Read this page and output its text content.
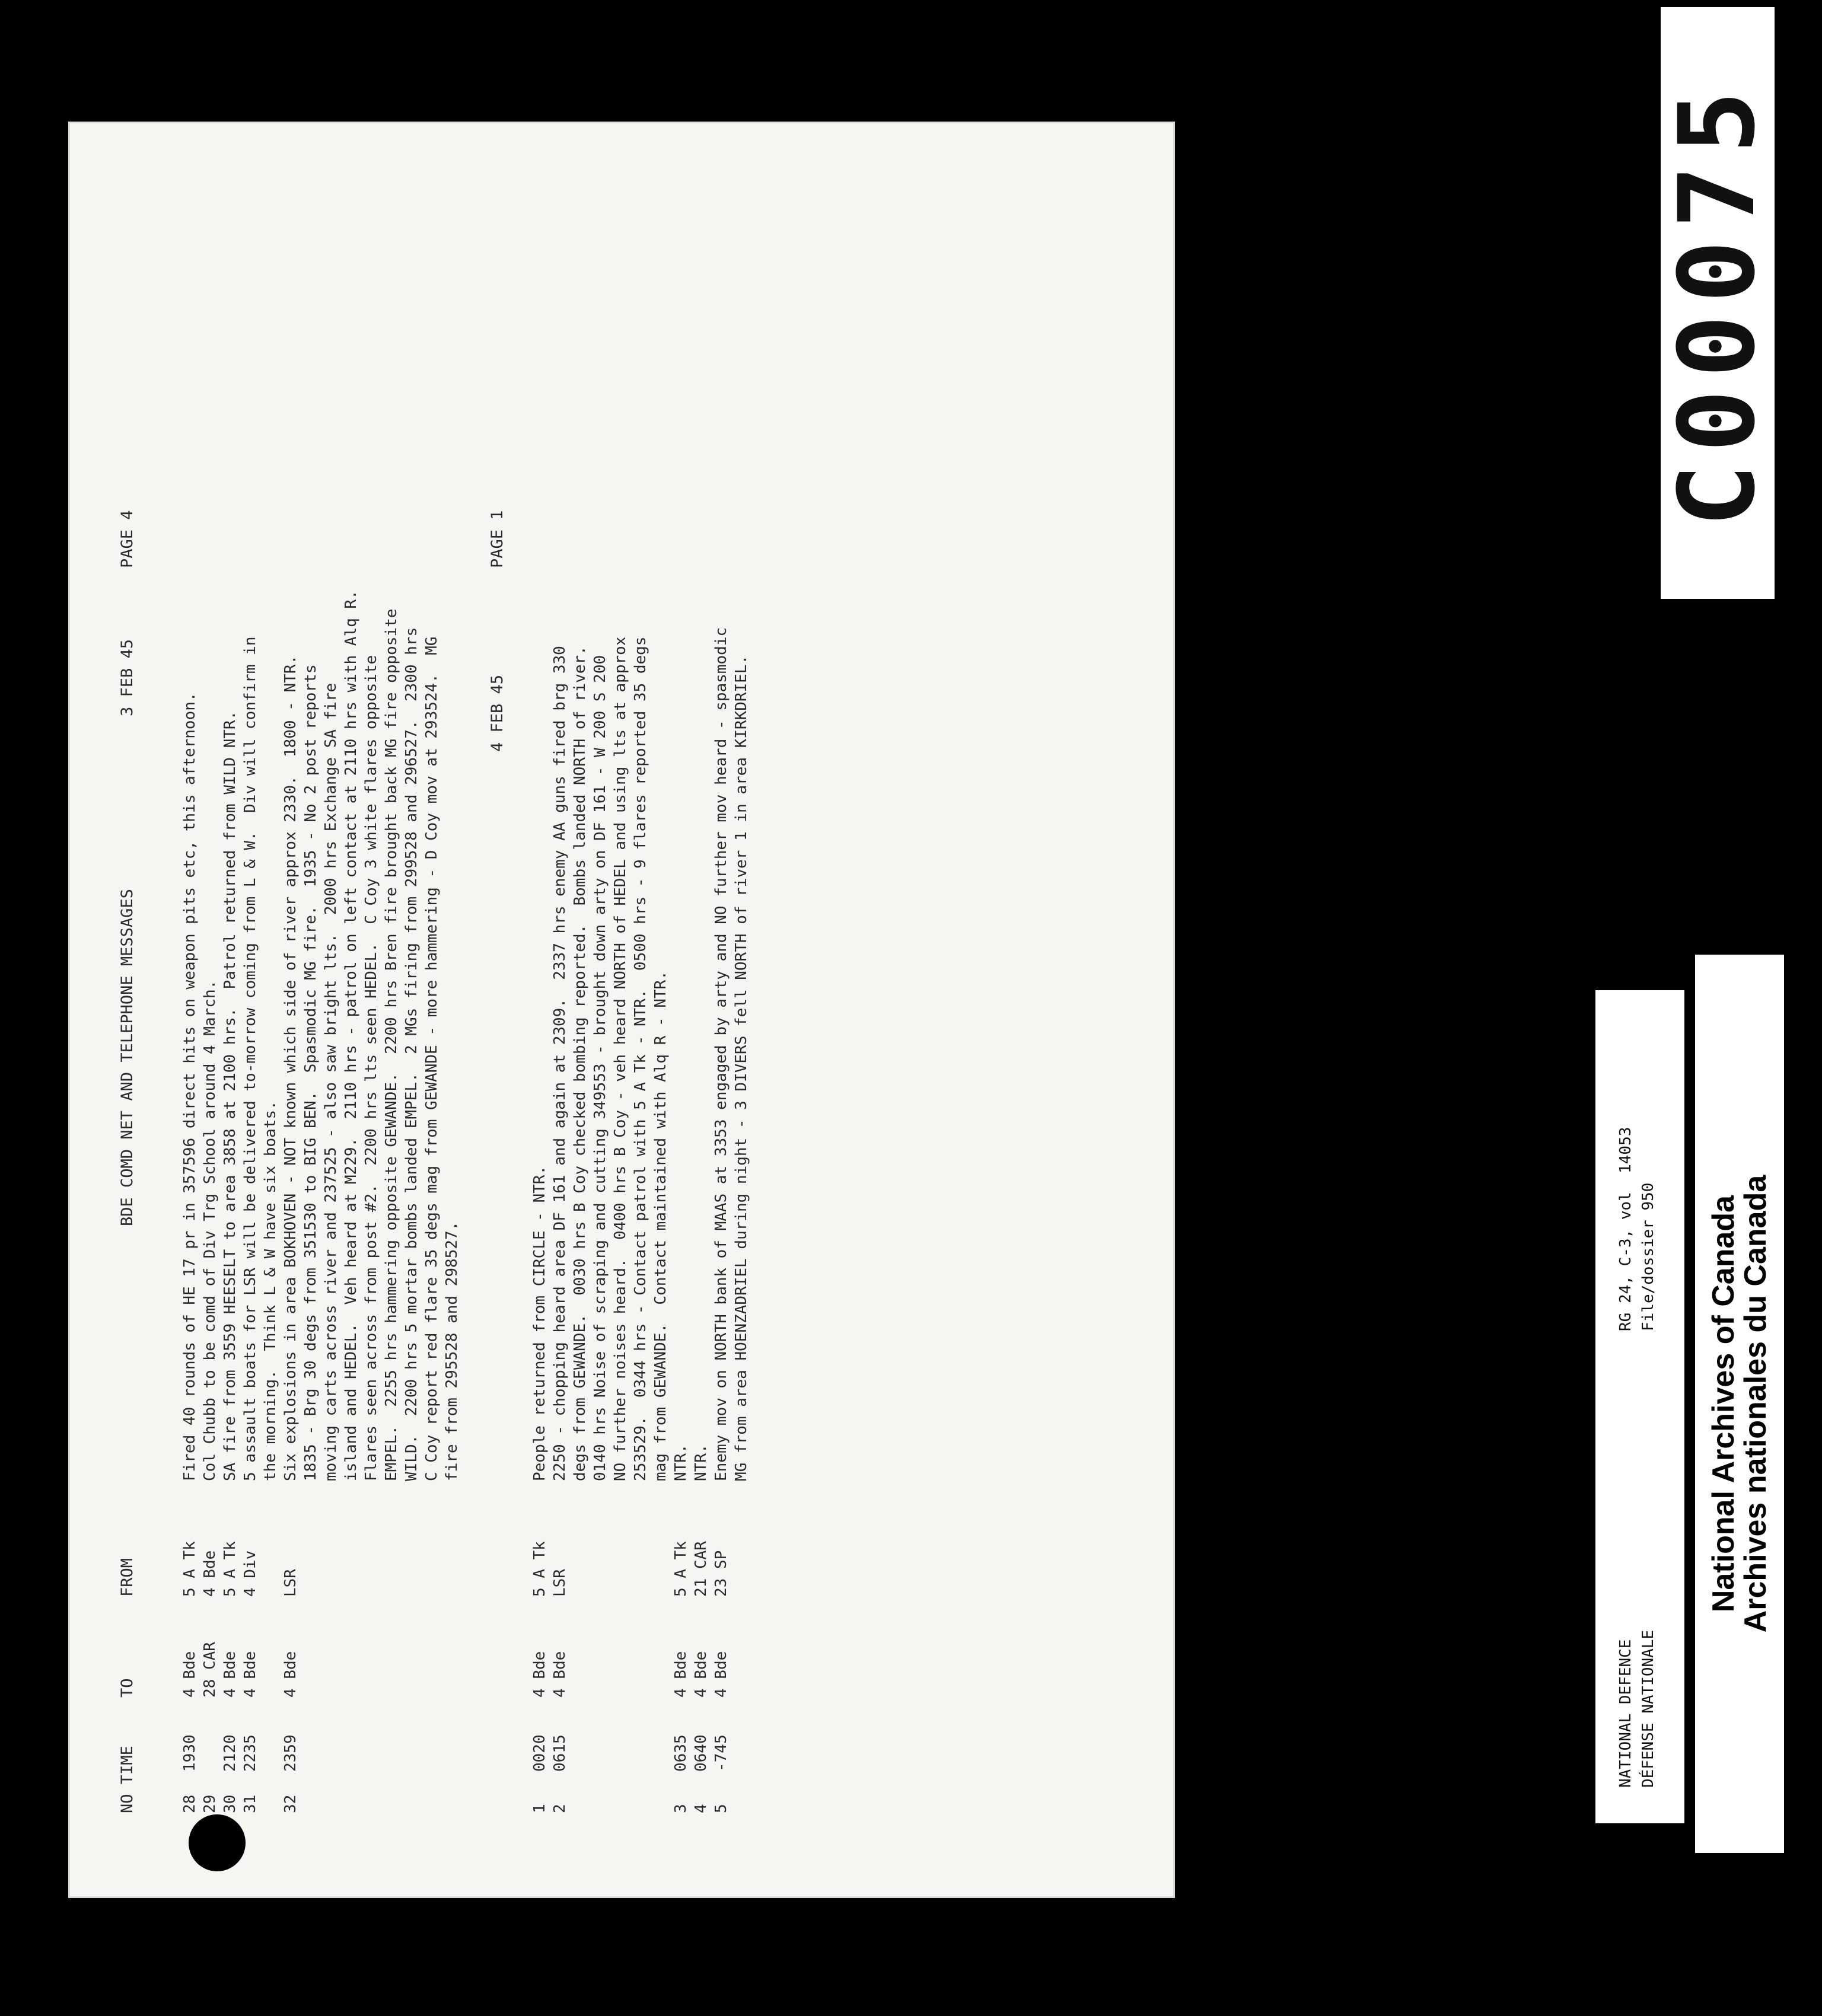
NO TIME
TO
FROM
BDE COMD NET AND TELEPHONE MESSAGES
3 FEB 45
PAGE 4
28
1930
4 Bde
5 A Tk
Fired 40 rounds of HE 17 pr in 357596 direct hits on weapon pits etc, this afternoon.
29
28 CAR
4 Bde
Col Chubb to be comd of Div Trg School around 4 March.
30
2120
4 Bde
5 A Tk
SA fire from 3559 HEESELT to area 3858 at 2100 hrs.  Patrol returned from WILD NTR.
31
2235
4 Bde
4 Div
5 assault boats for LSR will be delivered to-morrow coming from L & W.  Div will confirm in the morning.  Think L & W have six boats.
32
2359
4 Bde
LSR
Six explosions in area BOKHOVEN - NOT known which side of river approx 2330.  1800 - NTR. 1835 - Brg 30 degs from 351530 to BIG BEN.  Spasmodic MG fire.  1935 - No 2 post reports moving carts across river and 237525 - also saw bright lts.  2000 hrs Exchange SA fire island and HEDEL.  Veh heard at M229.  2110 hrs - patrol on left contact at 2110 hrs with Alq R. Flares seen across from post #2.  2200 hrs lts seen HEDEL.  C Coy 3 white flares opposite EMPEL.  2255 hrs hammering opposite GEWANDE.  2200 hrs Bren fire brought back MG fire opposite WILD.  2200 hrs 5 mortar bombs landed EMPEL.  2 MGs firing from 299528 and 296527.  2300 hrs C Coy report red flare 35 degs mag from GEWANDE - more hammering - D Coy mov at 293524.  MG fire from 295528 and 298527.
4 FEB 45
PAGE 1
1
0020
4 Bde
5 A Tk
People returned from CIRCLE - NTR.
2
0615
4 Bde
LSR
2250 - chopping heard area DF 161 and again at 2309.  2337 hrs enemy AA guns fired brg 330 degs from GEWANDE.  0030 hrs B Coy checked bombing reported.  Bombs landed NORTH of river. 0140 hrs Noise of scraping and cutting 349553 - brought down arty on DF 161 - W 200 S 200 NO further noises heard.  0400 hrs B Coy - veh heard NORTH of HEDEL and using lts at approx 253529.  0344 hrs - Contact patrol with 5 A Tk - NTR.  0500 hrs - 9 flares reported 35 degs mag from GEWANDE.  Contact maintained with Alq R - NTR.
3
0635
4 Bde
5 A Tk
NTR.
4
0640
4 Bde
21 CAR
NTR.
5
-745
4 Bde
23 SP
Enemy mov on NORTH bank of MAAS at 3353 engaged by arty and NO further mov heard - spasmodic MG from area HOENZADRIEL during night - 3 DIVERS fell NORTH of river 1 in area KIRKDRIEL.
C00075
NATIONAL DEFENCE DÉFENSE NATIONALE
RG 24, C-3, vol  14053 File/dossier 950 National Archives of Canada
Archives nationales du Canada
